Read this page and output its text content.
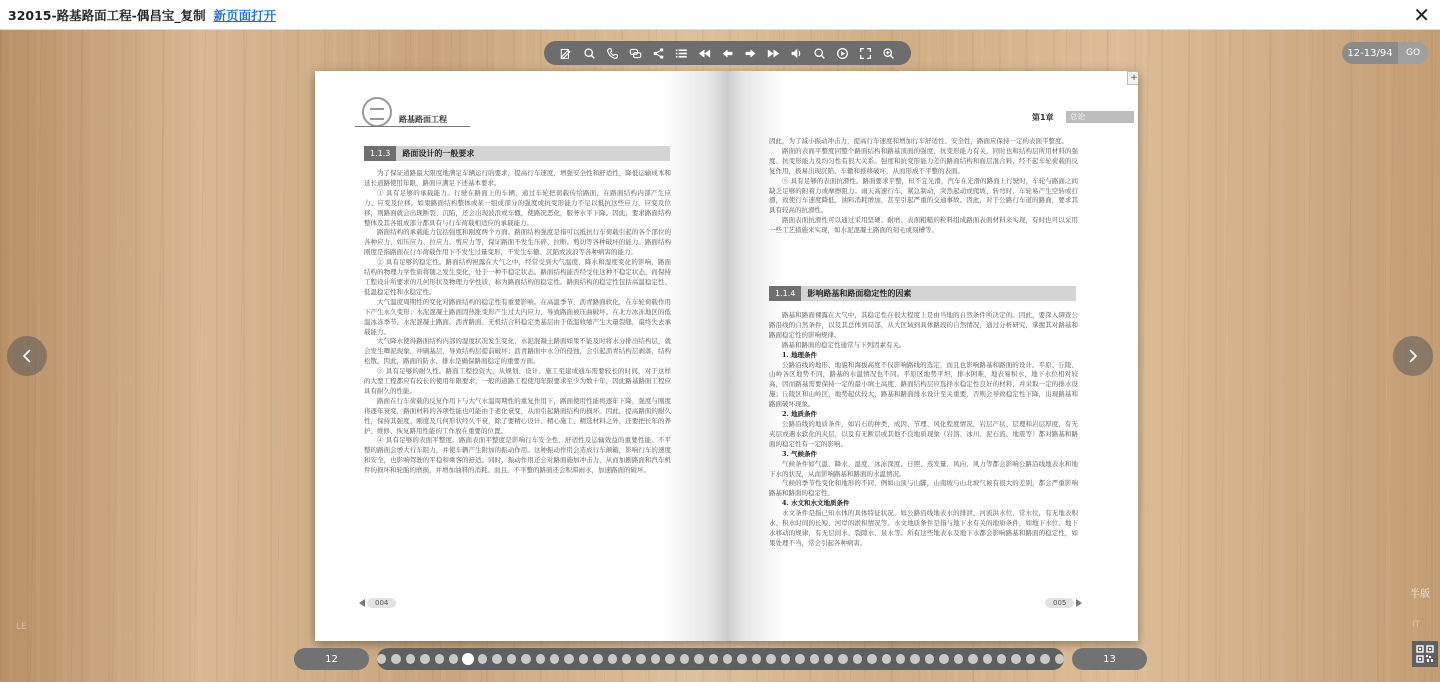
32015-路基路面工程-偶昌宝_复制 新页面打开	✕
12-13/94	GO
路基路面工程
1.1.3	路面设计的一般要求

为了保证道路最大限度地满足车辆运行的要求，提高行车速度，增强安全性和舒适性，降低运输成本和延长道路使用年限，路面应满足下述基本要求。

① 具有足够的承载能力。行驶在路面上的车辆，通过车轮把荷载传给路面，在路面结构内部产生应力、应变及位移。如果路面结构整体或某一组成部分的强度或抗变形能力不足以抵抗这些应力、应变及位移，则路面就会出现断裂、沉陷，还会出现波浪或车辙，使路况恶化，服务水平下降。因此，要求路面结构整体及其各组成部分都具有与行车荷载相适应的承载能力。

路面结构的承载能力包括强度和刚度两个方面。路面结构强度是指可以抵抗行车荷载引起的各个部位的各种应力，如压应力、拉应力、剪应力等，保证路面不发生压碎、拉断、剪切等各种破坏的能力。路面结构刚度是指路面在行车荷载作用下不发生过量变形，不发生车辙、沉陷或波浪等各种病害的能力。

② 具有足够的稳定性。路面结构袒露在大气之中，经常受到大气温度、降水和湿度变化的影响，路面结构的物理力学性质将随之发生变化，处于一种不稳定状态。路面结构能否经受住这种不稳定状态，而保持工程设计所要求的几何形状及物理力学性质，称为路面结构的稳定性。路面结构的稳定性包括高温稳定性、低温稳定性和水稳定性。

大气温度周期性的变化对路面结构的稳定性有重要影响。在高温季节，沥青路面软化，在车轮荷载作用下产生永久变形；水泥混凝土路面因热胀变形产生过大内应力，导致路面被压曲破坏。在北方冰冻地区的低温冰冻季节，水泥混凝土路面、沥青路面、无机结合料稳定类基层由于低温收缩产生大量裂缝，最终失去承载能力。

大气降水使得路面结构内部的湿度状况发生变化，水泥混凝土路面如果不能及时将水分排出结构层，就会发生唧泥现象，冲刷基层，导致结构层提前破坏；沥青路面中水分的侵蚀，会引起沥青结构层剥落，结构松散。因此，路面的防水、排水是确保路面稳定的重要方面。

③ 具有足够的耐久性。路面工程投资大，从规划、设计、施工至建成通车需要较长的时间，对于这样的大型工程都应有较长的使用年限要求，一般的道路工程使用年限要求至少为数十年，因此路基路面工程应具有耐久的性能。

路面在行车荷载的反复作用下与大气水温周期性的重复作用下，路面使用性能将逐年下降，强度与刚度将逐年衰变，路面材料的各项性能也可能由于老化衰变，从而引起路面结构的损坏。因此，提高路面的耐久性，保持其强度、刚度及几何形状经久不衰，除了要精心设计、精心施工、精选材料之外，还要把长年的养护、维修、恢复路用性能的工作放在重要的位置。

④ 具有足够的表面平整度。路面表面平整度是影响行车安全性、舒适性及运输效益的重要性能。不平整的路面会增大行车阻力，并使车辆产生附加的振动作用。这种振动作用会造成行车颠簸，影响行车的速度和安全，也影响驾驶的平稳和乘客的舒适。同时，振动作用还会对路面施加冲击力，从而加剧路面和汽车机件的损坏和轮胎的磨损，并增加油料的消耗。而且，不平整的路面还会积滞雨水，加速路面的破坏。

004
第1章	总论
+

因此，为了减小振动冲击力，提高行车速度和增加行车舒适性、安全性，路面应保持一定的表面平整度。

路面的表面平整度同整个路面结构和路基顶面的强度、抗变形能力有关，同时也和结构层所用材料的强度、抗变形能力及均匀性有很大关系。强度和抗变形能力差的路面结构和面层混合料，经不起车轮荷载的反复作用，极易出现沉陷、车辙和推移破坏，从而形成不平整的表面。

⑤ 具有足够的表面抗滑性。路面要求平整，但不宜光滑，汽车在光滑的路面上行驶时，车轮与路面之间缺乏足够的附着力或摩擦阻力。雨天高速行车，紧急制动，突然起动或爬坡、转弯时，车轮易产生空转或打滑，致使行车速度降低，油料消耗增加，甚至引起严重的交通事故。因此，对于公路行车道的路面，要求其具有较高的抗滑性。

路面表面抗滑性可以通过采用坚硬、耐磨、表面粗糙的粒料组成路面表面材料来实现，有时也可以采用一些工艺措施来实现，如水泥混凝土路面的刻毛或刻槽等。

1.1.4	影响路基和路面稳定性的因素

路基和路面裸露在大气中，其稳定性在很大程度上是由当地的自然条件所决定的。因此，要深入调查公路沿线的自然条件，以及其总体到局部，从大区域到具体路段的自然情况，通过分析研究，掌握其对路基和路面稳定性的影响规律。

路基和路面的稳定性通常与下列因素有关。

1. 地理条件

公路沿线的地形、地貌和海拔高度不仅影响路线的选定，而且也影响路基和路面的设计。平原、丘陵、山岭各区地势不同，路基的水温情况也不同。平原区地势平坦，排水困难，地表易积水，地下水位相对较高，因而路基需要保持一定的最小填土高度，路面结构层应选择水稳定性良好的材料，并采取一定的排水设施；丘陵区和山岭区，地势起伏较大，路基和路面排水设计至关重要，否则会导致稳定性下降，出现路基和路面破坏现象。

2. 地质条件

公路沿线的地质条件，如岩石的种类、成因、节理、风化程度情况，岩层产状、层理和岩层厚度，有无夹层或遇水软化的夹层，以及有无断层或其他不良地质现象（岩溶、冰川、泥石流、地震等）都对路基和路面的稳定性有一定的影响。

3. 气候条件

气候条件如气温、降水、湿度、冰冻深度、日照、蒸发量、风向、风力等都会影响公路沿线地表水和地下水的状况，从而影响路基和路面的水温情况。

气候的季节性变化和地形的不同，例如山顶与山脚，山南坡与山北坡气候有很大的差别，都会严重影响路基和路面的稳定性。

4. 水文和水文地质条件

水文条件是指已知水体的具体特征状况，如公路沿线地表水的排泄、河流洪水位、常水位，有无地表积水、积水时间的长短、河岸的淤积情况等。水文地质条件是指与地下水有关的地质条件，如地下水位、地下水移动的规律，有无层间水、裂隙水、泉水等。所有这些地表水及地下水都会影响路基和路面的稳定性，如果处理不当，常会引起各种病害。

005
12	13
LE
半版
IT
